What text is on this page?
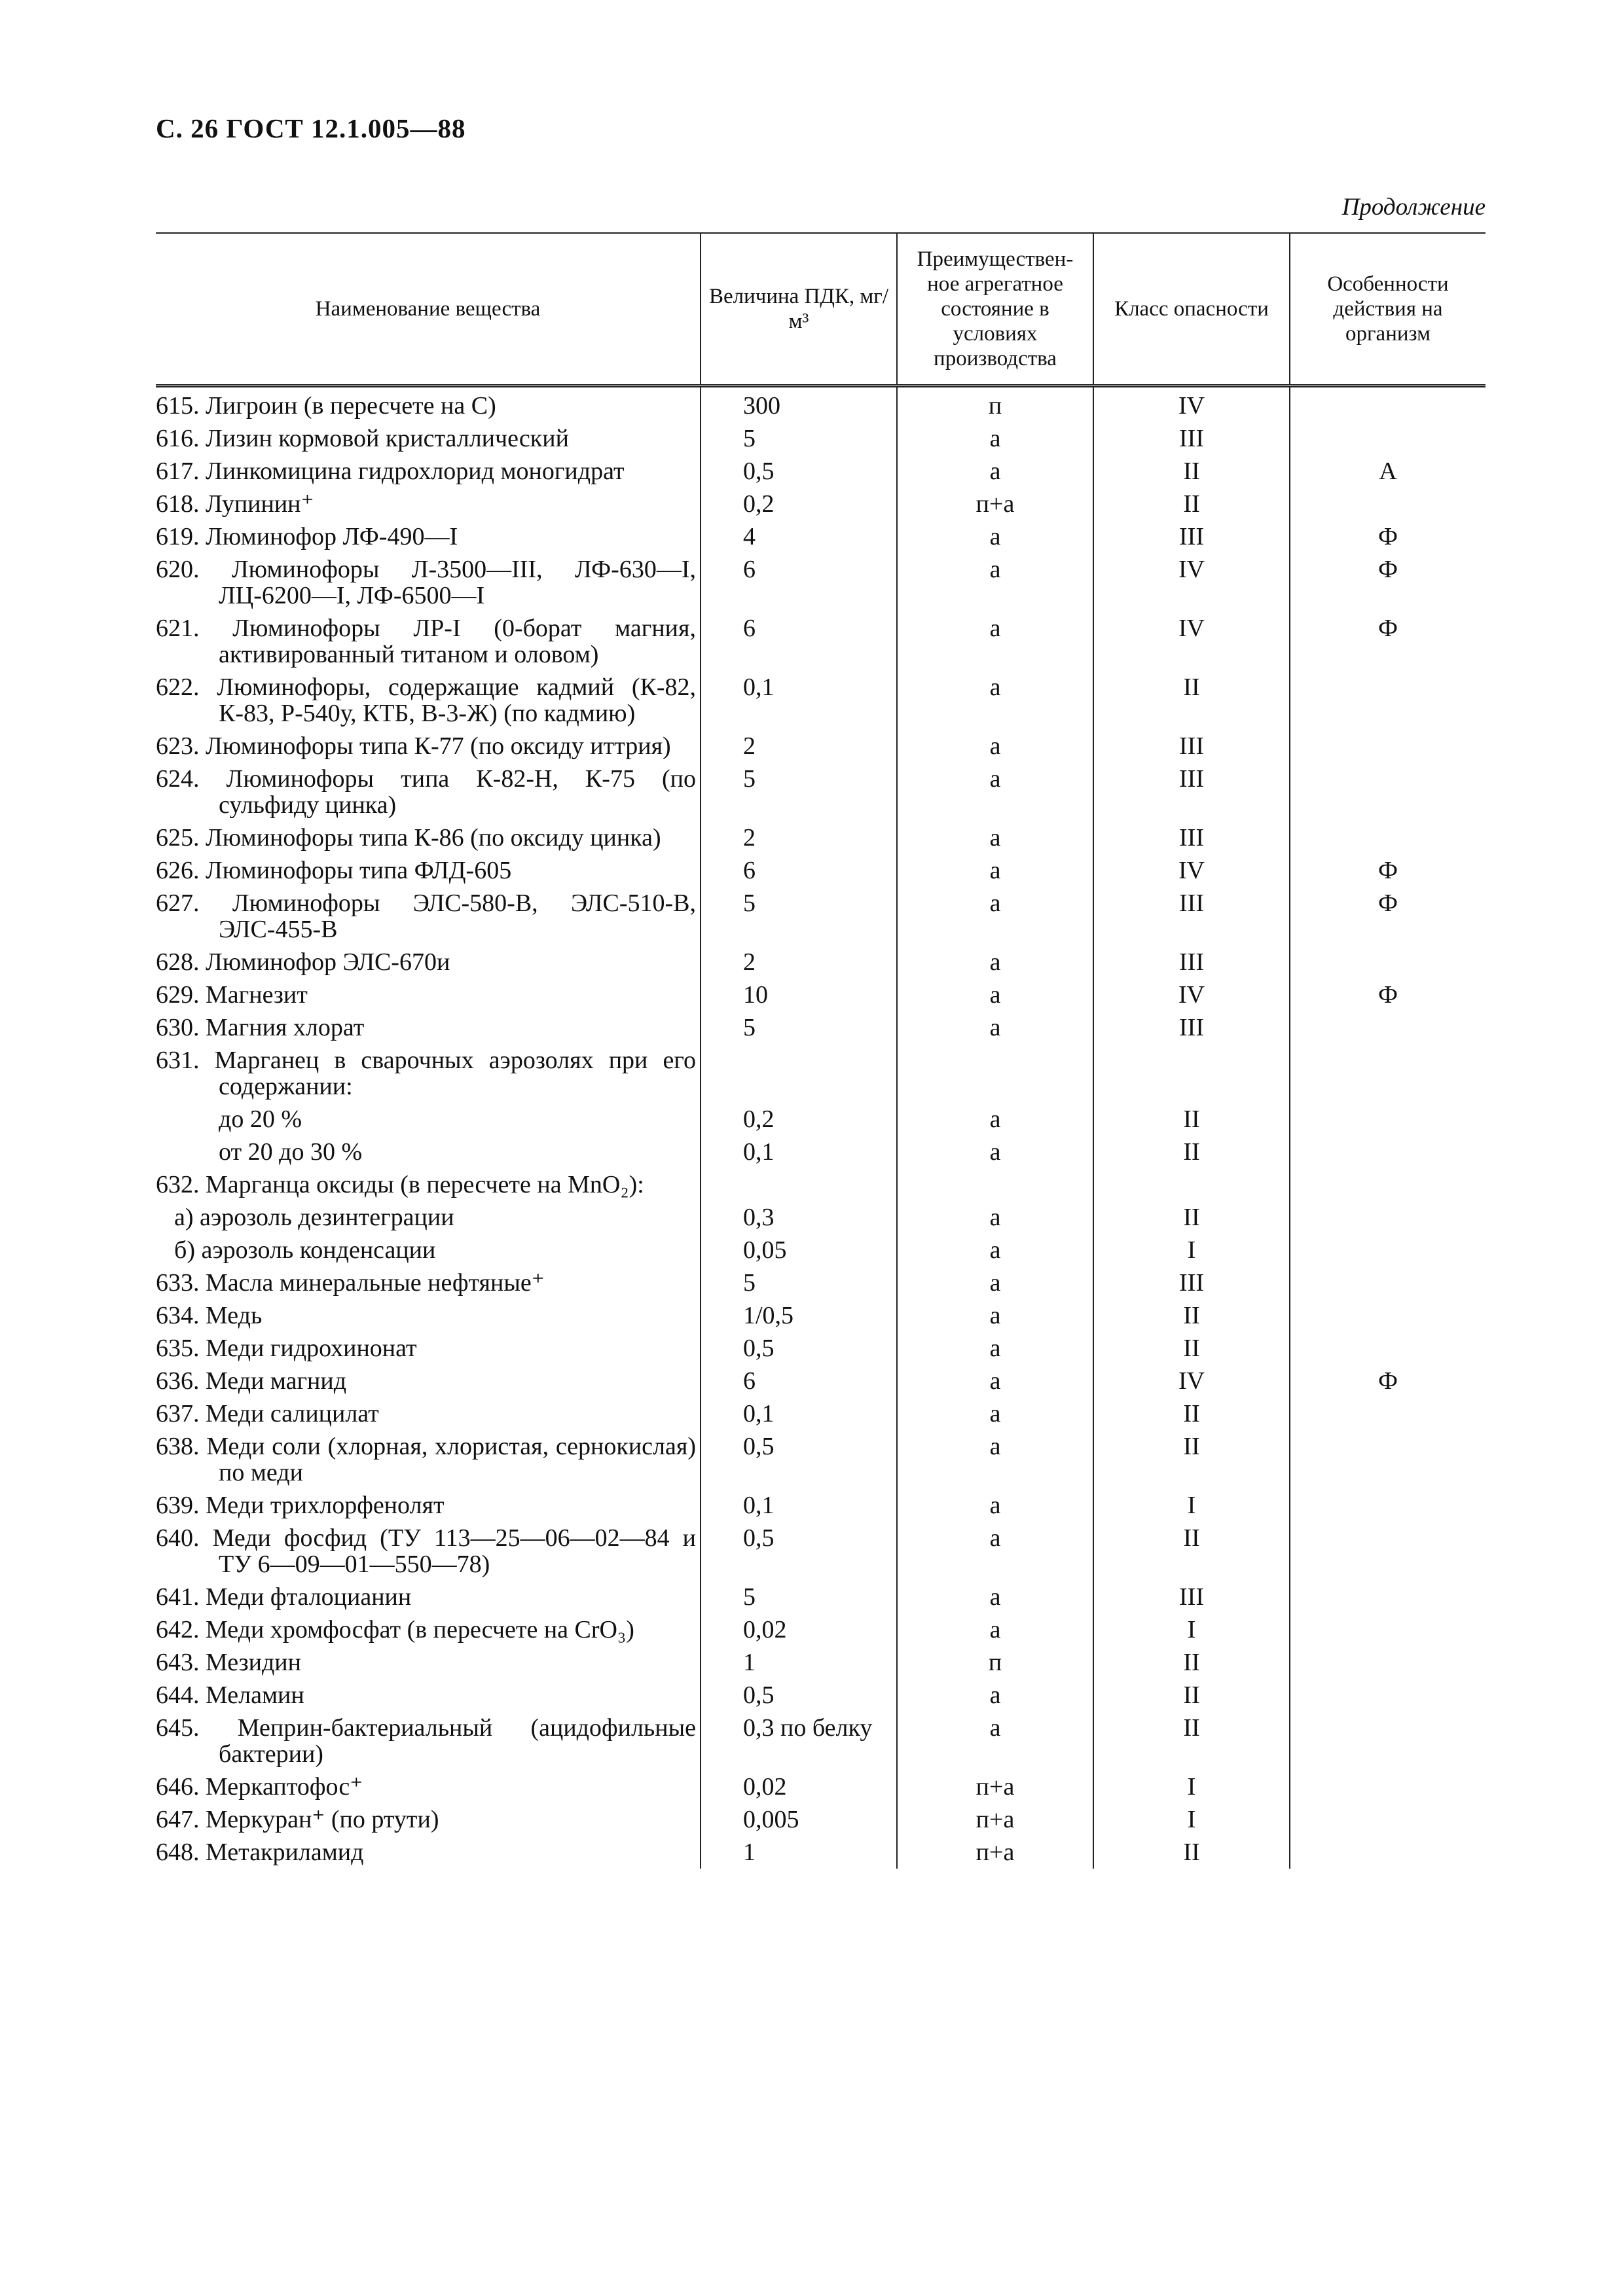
С. 26 ГОСТ 12.1.005—88
Продолжение
Наименование вещества	Величина ПДК, мг/м³	Преимуществен-ное агрегатное состояние в условиях производства	Класс опасности	Особенности действия на организм

615. Лигроин (в пересчете на С)	300	п	IV	

616. Лизин кормовой кристаллический	5	а	III	

617. Линкомицина гидрохлорид моногидрат	0,5	а	II	А

618. Лупинин⁺	0,2	п+а	II	

619. Люминофор ЛФ-490—I	4	а	III	Ф

620. Люминофоры Л-3500—III, ЛФ-630—I, ЛЦ-6200—I, ЛФ-6500—I	6	а	IV	Ф

621. Люминофоры ЛР-I (0-борат магния, активированный титаном и оловом)	6	а	IV	Ф

622. Люминофоры, содержащие кадмий (К-82, К-83, Р-540у, КТБ, В-3-Ж) (по кадмию)	0,1	а	II	

623. Люминофоры типа К-77 (по оксиду иттрия)	2	а	III	

624. Люминофоры типа К-82-Н, К-75 (по сульфиду цинка)	5	а	III	

625. Люминофоры типа К-86 (по оксиду цинка)	2	а	III	

626. Люминофоры типа ФЛД-605	6	а	IV	Ф

627. Люминофоры ЭЛС-580-В, ЭЛС-510-В, ЭЛС-455-В	5	а	III	Ф

628. Люминофор ЭЛС-670и	2	а	III	

629. Магнезит	10	а	IV	Ф

630. Магния хлорат	5	а	III	

631. Марганец в сварочных аэрозолях при его содержании:				

до 20 %	0,2	а	II	

от 20 до 30 %	0,1	а	II	

632. Марганца оксиды (в пересчете на MnO₂):				

а) аэрозоль дезинтеграции	0,3	а	II	

б) аэрозоль конденсации	0,05	а	I	

633. Масла минеральные нефтяные⁺	5	а	III	

634. Медь	1/0,5	а	II	

635. Меди гидрохинонат	0,5	а	II	

636. Меди магнид	6	а	IV	Ф

637. Меди салицилат	0,1	а	II	

638. Меди соли (хлорная, хлористая, сернокислая) по меди	0,5	а	II	

639. Меди трихлорфенолят	0,1	а	I	

640. Меди фосфид (ТУ 113—25—06—02—84 и ТУ 6—09—01—550—78)	0,5	а	II	

641. Меди фталоцианин	5	а	III	

642. Меди хромфосфат (в пересчете на CrO₃)	0,02	а	I	

643. Мезидин	1	п	II	

644. Меламин	0,5	а	II	

645. Меприн-бактериальный (ацидофильные бактерии)	0,3 по белку	а	II	

646. Меркаптофос⁺	0,02	п+а	I	

647. Меркуран⁺ (по ртути)	0,005	п+а	I	

648. Метакриламид	1	п+а	II	
